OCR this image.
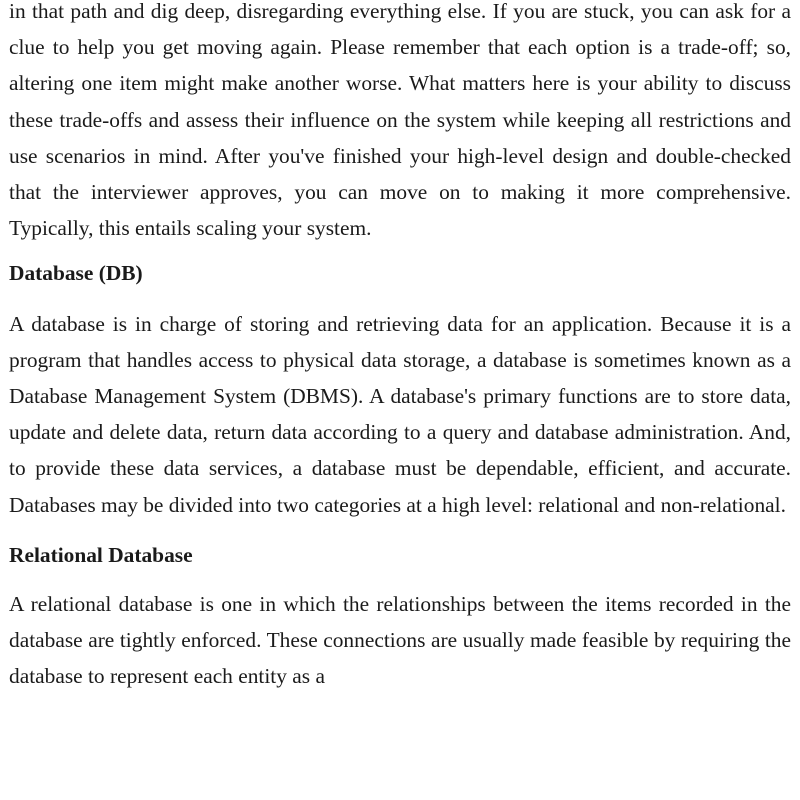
in that path and dig deep, disregarding everything else. If you are stuck, you can ask for a clue to help you get moving again. Please remember that each option is a trade-off; so, altering one item might make another worse. What matters here is your ability to discuss these trade-offs and assess their influence on the system while keeping all restrictions and use scenarios in mind. After you've finished your high-level design and double-checked that the interviewer approves, you can move on to making it more comprehensive. Typically, this entails scaling your system.

Database (DB)

A database is in charge of storing and retrieving data for an application. Because it is a program that handles access to physical data storage, a database is sometimes known as a Database Management System (DBMS). A database's primary functions are to store data, update and delete data, return data according to a query and database administration. And, to provide these data services, a database must be dependable, efficient, and accurate. Databases may be divided into two categories at a high level: relational and non-relational.

Relational Database

A relational database is one in which the relationships between the items recorded in the database are tightly enforced. These connections are usually made feasible by requiring the database to represent each entity as a
